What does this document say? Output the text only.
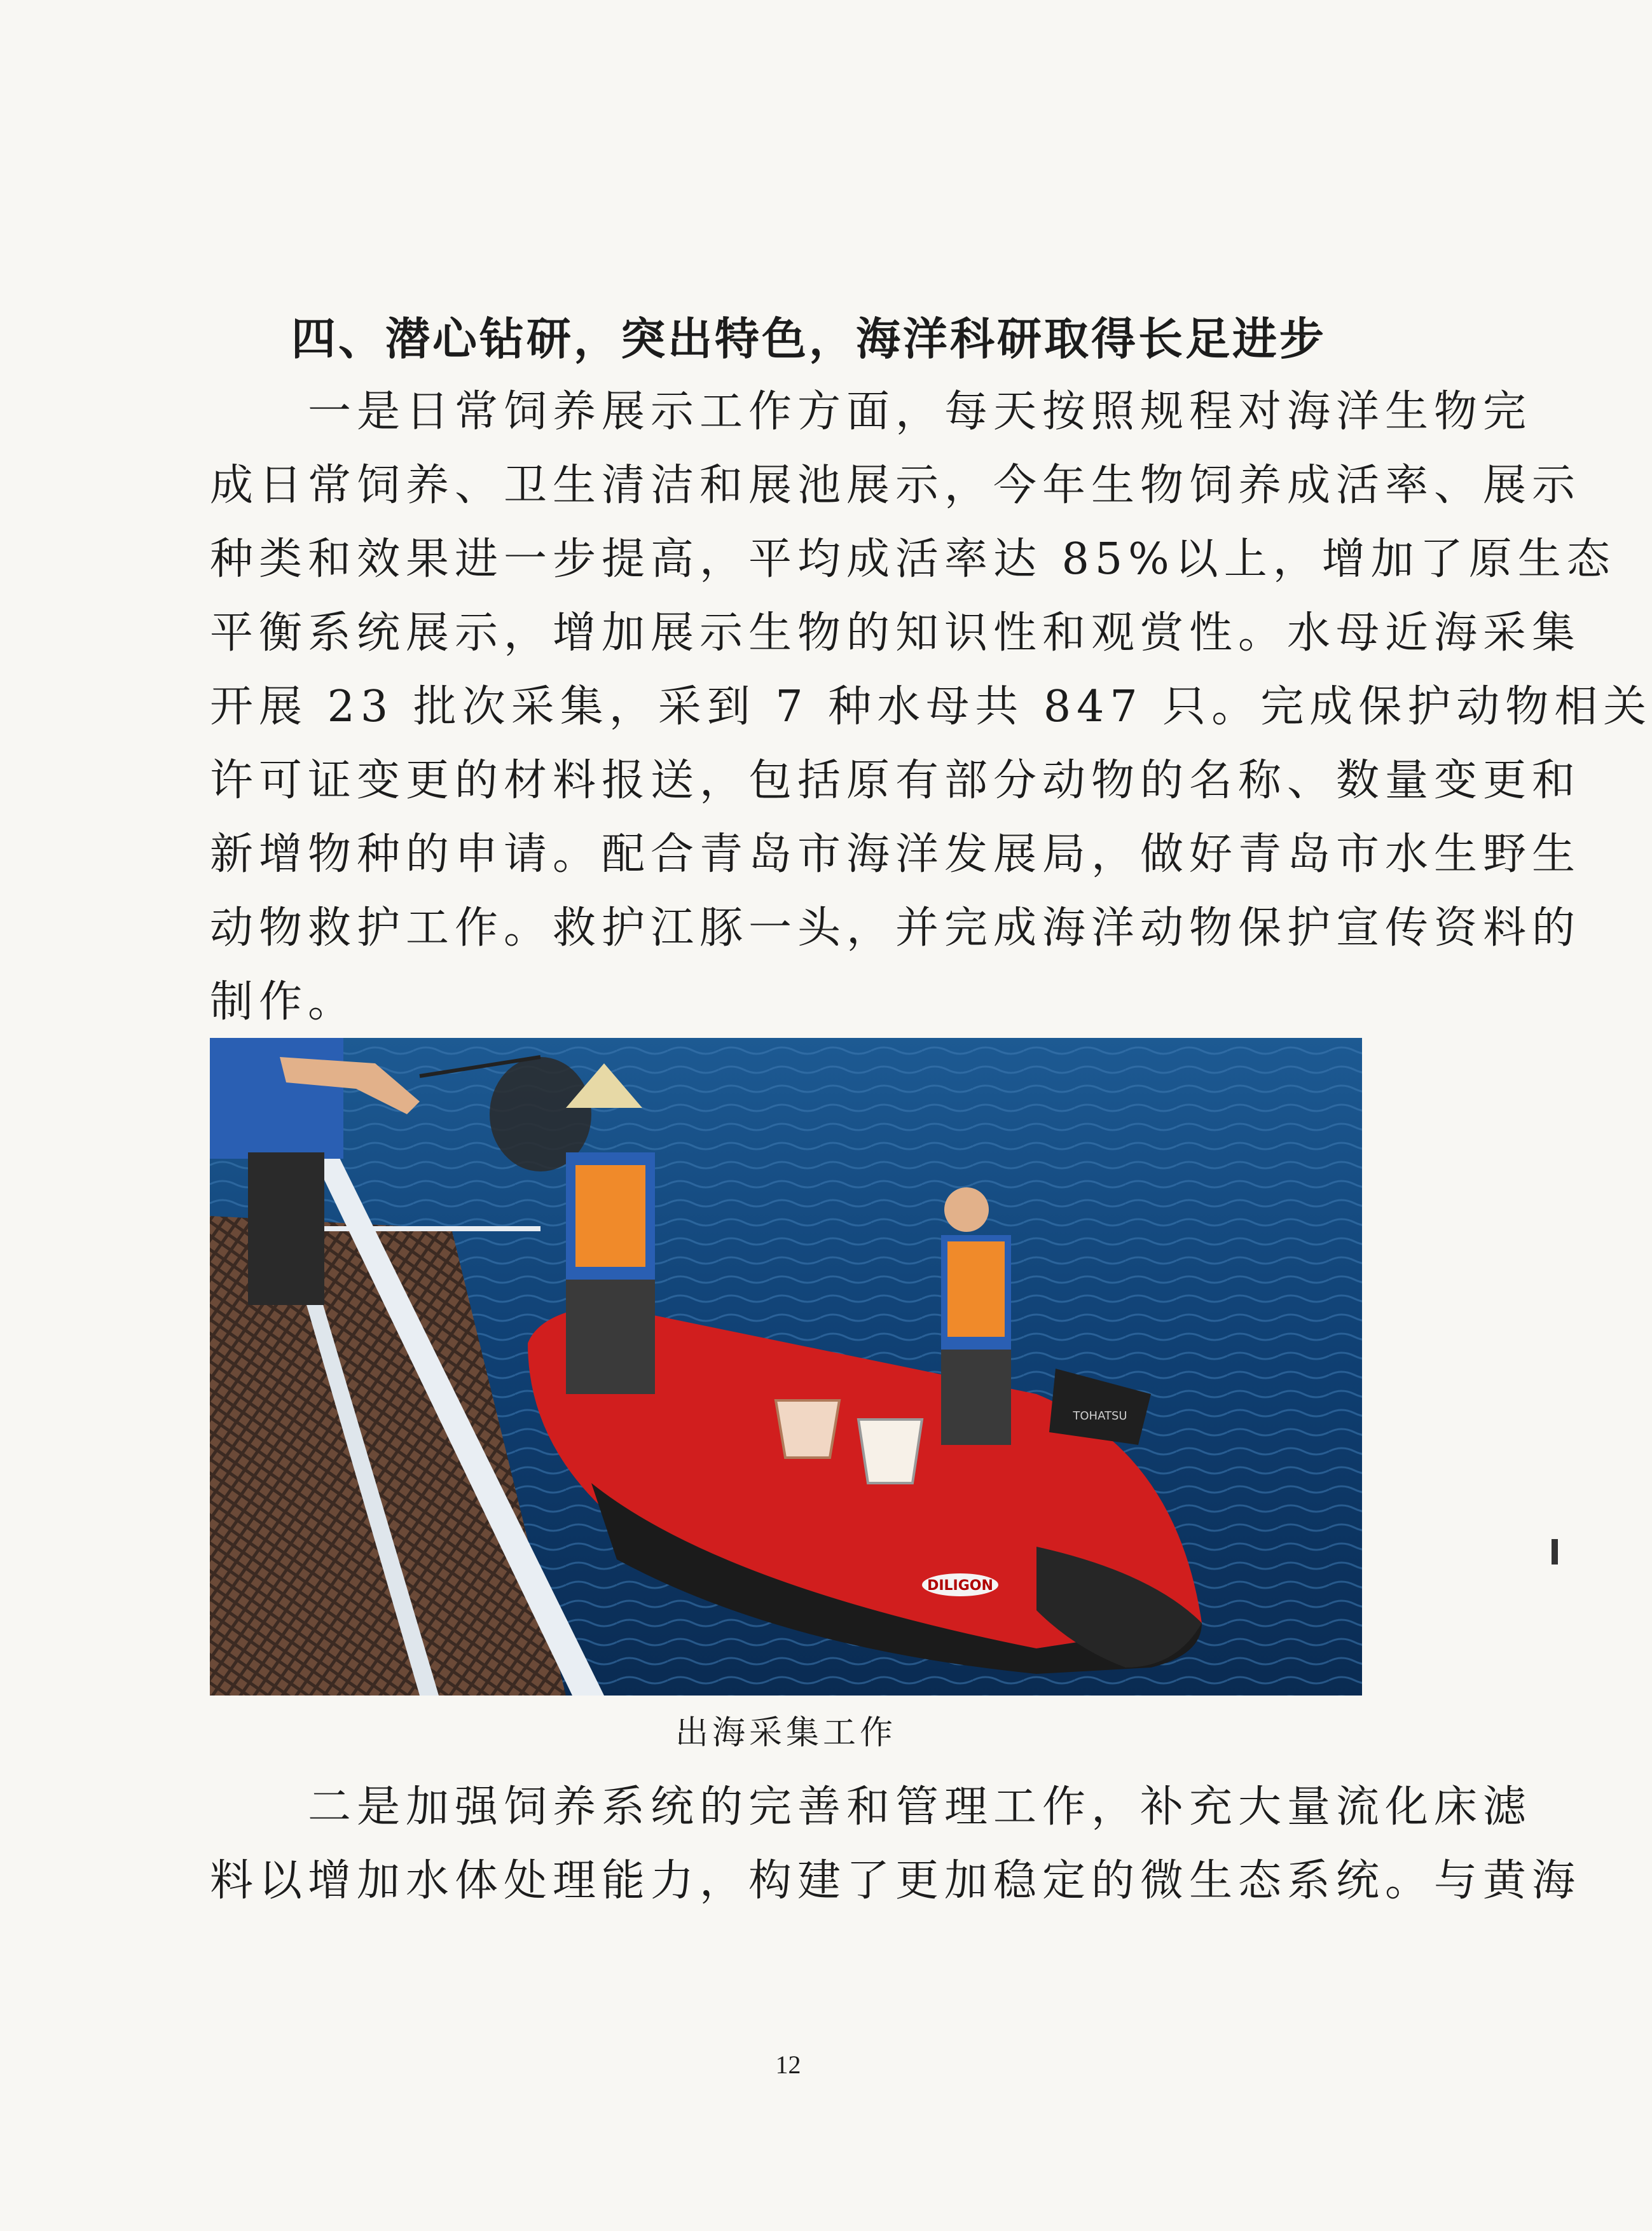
四、潜心钻研，突出特色，海洋科研取得长足进步
　　一是日常饲养展示工作方面，每天按照规程对海洋生物完
成日常饲养、卫生清洁和展池展示，今年生物饲养成活率、展示
种类和效果进一步提高，平均成活率达 85%以上，增加了原生态
平衡系统展示，增加展示生物的知识性和观赏性。水母近海采集
开展 23 批次采集，采到 7 种水母共 847 只。完成保护动物相关
许可证变更的材料报送，包括原有部分动物的名称、数量变更和
新增物种的申请。配合青岛市海洋发展局，做好青岛市水生野生
动物救护工作。救护江豚一头，并完成海洋动物保护宣传资料的
制作。
DILIGON
TOHATSU
出海采集工作
　　二是加强饲养系统的完善和管理工作，补充大量流化床滤
料以增加水体处理能力，构建了更加稳定的微生态系统。与黄海
12
